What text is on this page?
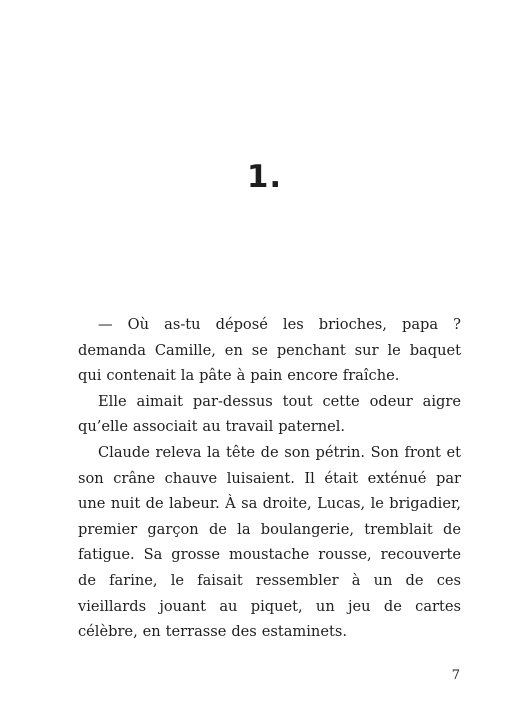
1.

— Où as-tu déposé les brioches, papa ? demanda Camille, en se penchant sur le baquet qui contenait la pâte à pain encore fraîche.

Elle aimait par-dessus tout cette odeur aigre qu’elle associait au travail paternel.

Claude releva la tête de son pétrin. Son front et son crâne chauve luisaient. Il était exténué par une nuit de labeur. À sa droite, Lucas, le brigadier, premier garçon de la boulangerie, tremblait de fatigue. Sa grosse moustache rousse, recouverte de farine, le faisait ressembler à un de ces vieillards jouant au piquet, un jeu de cartes célèbre, en terrasse des estaminets.

7
